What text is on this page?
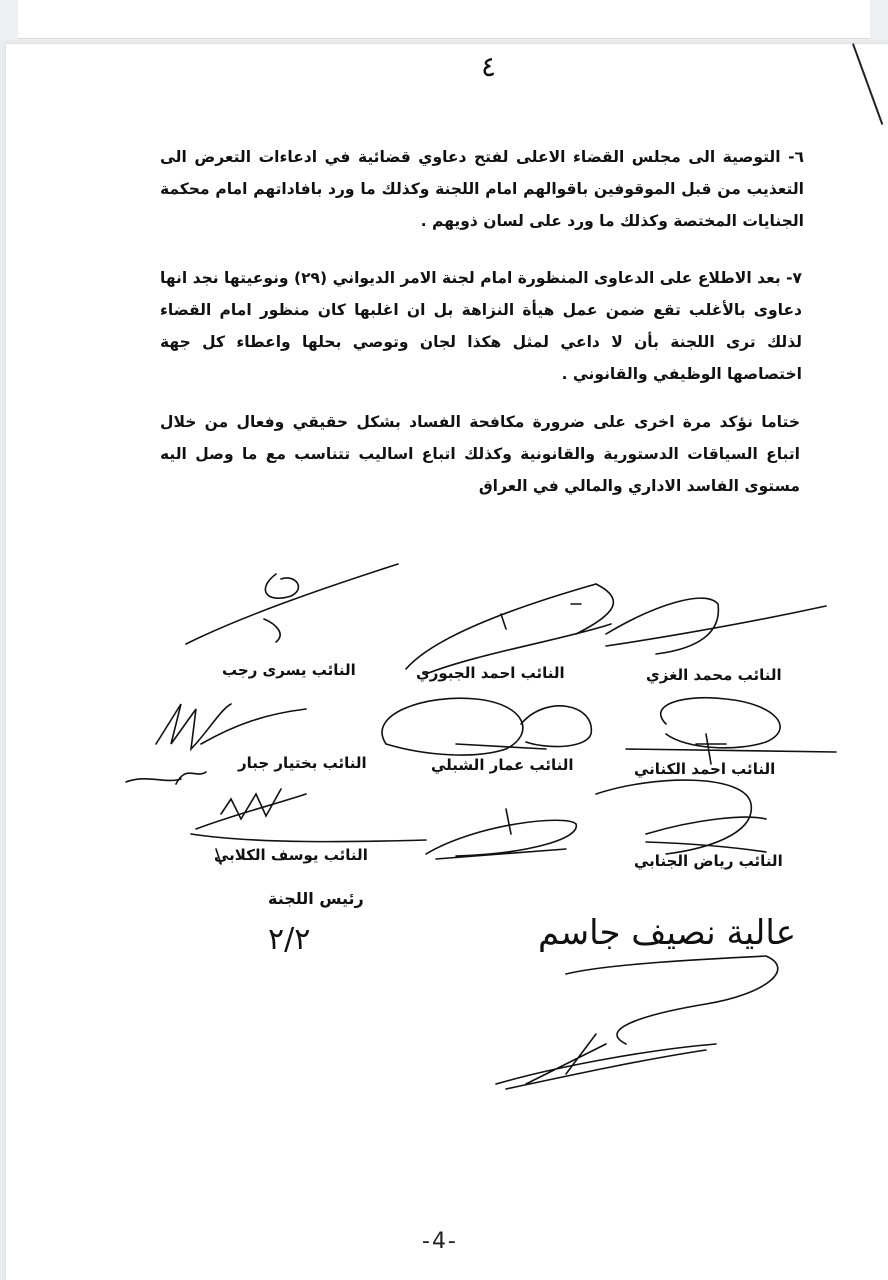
٤
٦- التوصية الى مجلس القضاء الاعلى لفتح دعاوي قضائية في ادعاءات التعرض الى التعذيب من قبل الموقوفين باقوالهم امام اللجنة وكذلك ما ورد بافاداتهم امام محكمة الجنايات المختصة وكذلك ما ورد على لسان ذويهم .
٧- بعد الاطلاع على الدعاوى المنظورة امام لجنة الامر الديواني (٢٩) ونوعيتها نجد انها دعاوى بالأغلب تقع ضمن عمل هيأة النزاهة بل ان اغلبها كان منظور امام القضاء لذلك ترى اللجنة بأن لا داعي لمثل هكذا لجان وتوصي بحلها واعطاء كل جهة اختصاصها الوظيفي والقانوني .
ختاما نؤكد مرة اخرى على ضرورة مكافحة الفساد بشكل حقيقي وفعال من خلال اتباع السياقات الدستورية والقانونية وكذلك اتباع اساليب تتناسب مع ما وصل اليه مستوى الفاسد الاداري والمالي في العراق
عالية نصيف جاسم
النائب يسرى رجب	النائب احمد الجبوري	النائب محمد الغزي
النائب بختيار جبار	النائب عمار الشبلي	النائب احمد الكناني
النائب يوسف الكلابي	النائب رياض الجنابي
رئيس اللجنة
٢/٢
-4-
